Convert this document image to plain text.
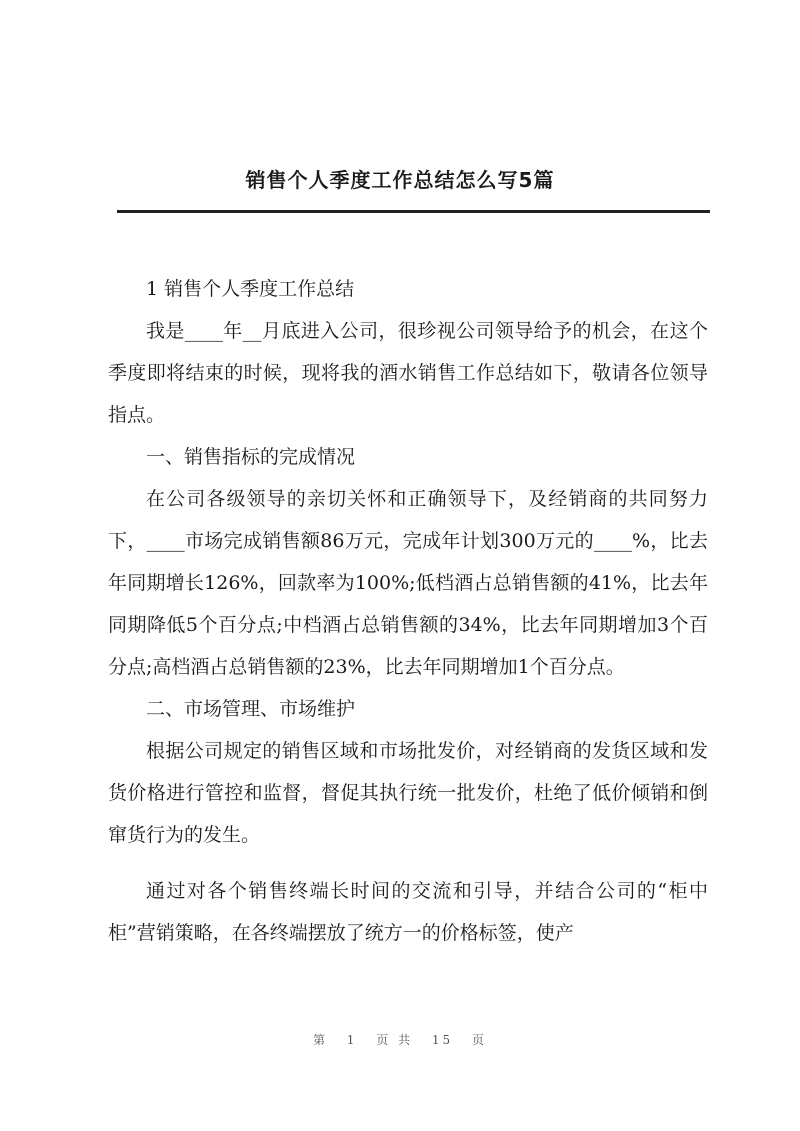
销售个人季度工作总结怎么写5篇

1 销售个人季度工作总结

我是____年__月底进入公司，很珍视公司领导给予的机会，在这个季度即将结束的时候，现将我的酒水销售工作总结如下，敬请各位领导指点。

一、销售指标的完成情况

在公司各级领导的亲切关怀和正确领导下，及经销商的共同努力下，____市场完成销售额86万元，完成年计划300万元的____%，比去年同期增长126%，回款率为100%;低档酒占总销售额的41%，比去年同期降低5个百分点;中档酒占总销售额的34%，比去年同期增加3个百分点;高档酒占总销售额的23%，比去年同期增加1个百分点。

二、市场管理、市场维护

根据公司规定的销售区域和市场批发价，对经销商的发货区域和发货价格进行管控和监督，督促其执行统一批发价，杜绝了低价倾销和倒窜货行为的发生。

通过对各个销售终端长时间的交流和引导，并结合公司的“柜中柜”营销策略，在各终端摆放了统方一的价格标签，使产

第 1 页 共 15 页
